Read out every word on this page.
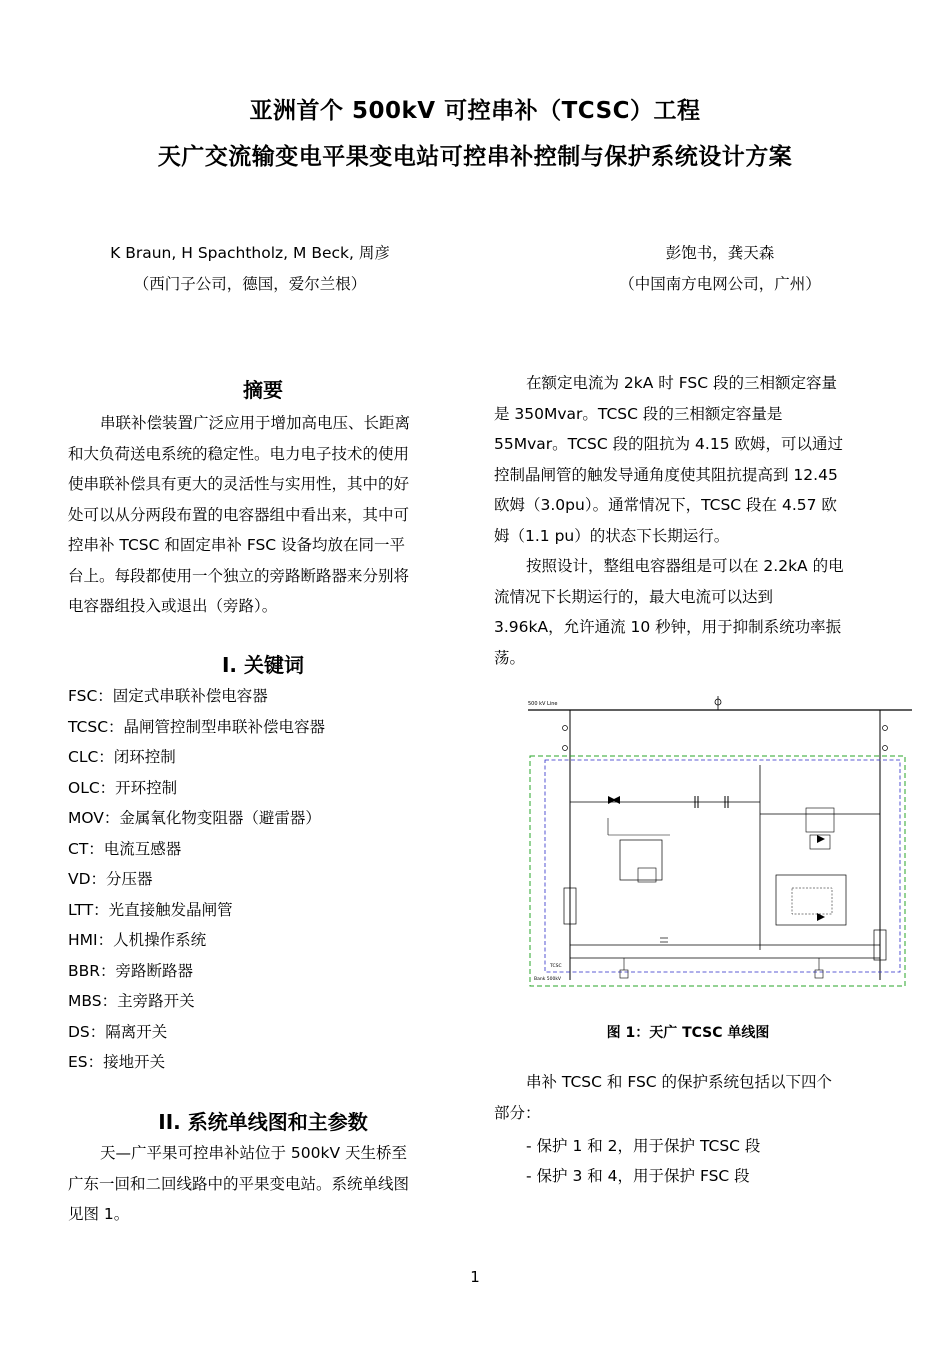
亚洲首个 500kV 可控串补（TCSC）工程
天广交流输变电平果变电站可控串补控制与保护系统设计方案
K Braun, H Spachtholz, M Beck, 周彦
（西门子公司，德国，爱尔兰根）
彭饱书，龚天森
（中国南方电网公司，广州）
摘要
串联补偿装置广泛应用于增加高电压、长距离
和大负荷送电系统的稳定性。电力电子技术的使用
使串联补偿具有更大的灵活性与实用性，其中的好
处可以从分两段布置的电容器组中看出来，其中可
控串补 TCSC 和固定串补 FSC 设备均放在同一平
台上。每段都使用一个独立的旁路断路器来分别将
电容器组投入或退出（旁路）。
I. 关键词
FSC：固定式串联补偿电容器
TCSC：晶闸管控制型串联补偿电容器
CLC：闭环控制
OLC：开环控制
MOV：金属氧化物变阻器（避雷器）
CT：电流互感器
VD：分压器
LTT：光直接触发晶闸管
HMI：人机操作系统
BBR：旁路断路器
MBS：主旁路开关
DS：隔离开关
ES：接地开关
II. 系统单线图和主参数
天—广平果可控串补站位于 500kV 天生桥至
广东一回和二回线路中的平果变电站。系统单线图
见图 1。
在额定电流为 2kA 时 FSC 段的三相额定容量
是 350Mvar。TCSC 段的三相额定容量是
55Mvar。TCSC 段的阻抗为 4.15 欧姆，可以通过
控制晶闸管的触发导通角度使其阻抗提高到 12.45
欧姆（3.0pu）。通常情况下，TCSC 段在 4.57 欧
姆（1.1 pu）的状态下长期运行。
按照设计，整组电容器组是可以在 2.2kA 的电
流情况下长期运行的，最大电流可以达到
3.96kA，允许通流 10 秒钟，用于抑制系统功率振
荡。
500 kV Line
Bank 500kV
TCSC
图 1：天广 TCSC 单线图
串补 TCSC 和 FSC 的保护系统包括以下四个
部分：
- 保护 1 和 2，用于保护 TCSC 段
- 保护 3 和 4，用于保护 FSC 段
1
